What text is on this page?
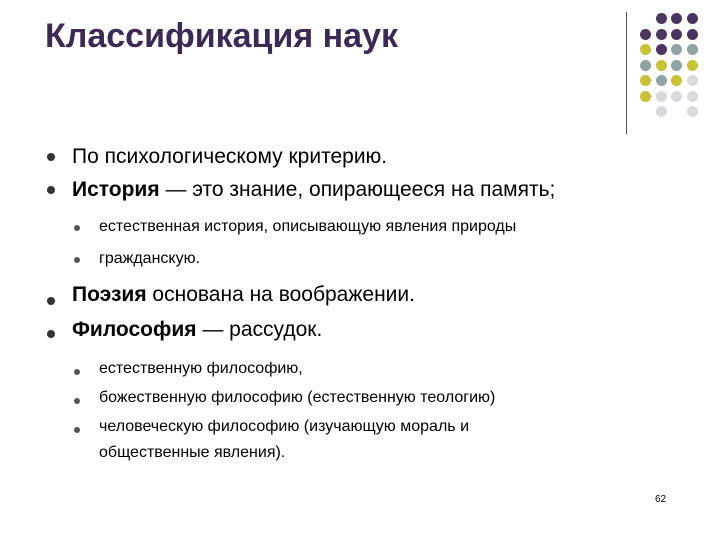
Классификация наук
По психологическому критерию.
История — это знание, опирающееся на память;
естественная история, описывающую явления природы
гражданскую.
Поэзия основана на воображении.
Философия — рассудок.
естественную философию,
божественную философию (естественную теологию)
человеческую философию (изучающую мораль и
общественные явления).
62
